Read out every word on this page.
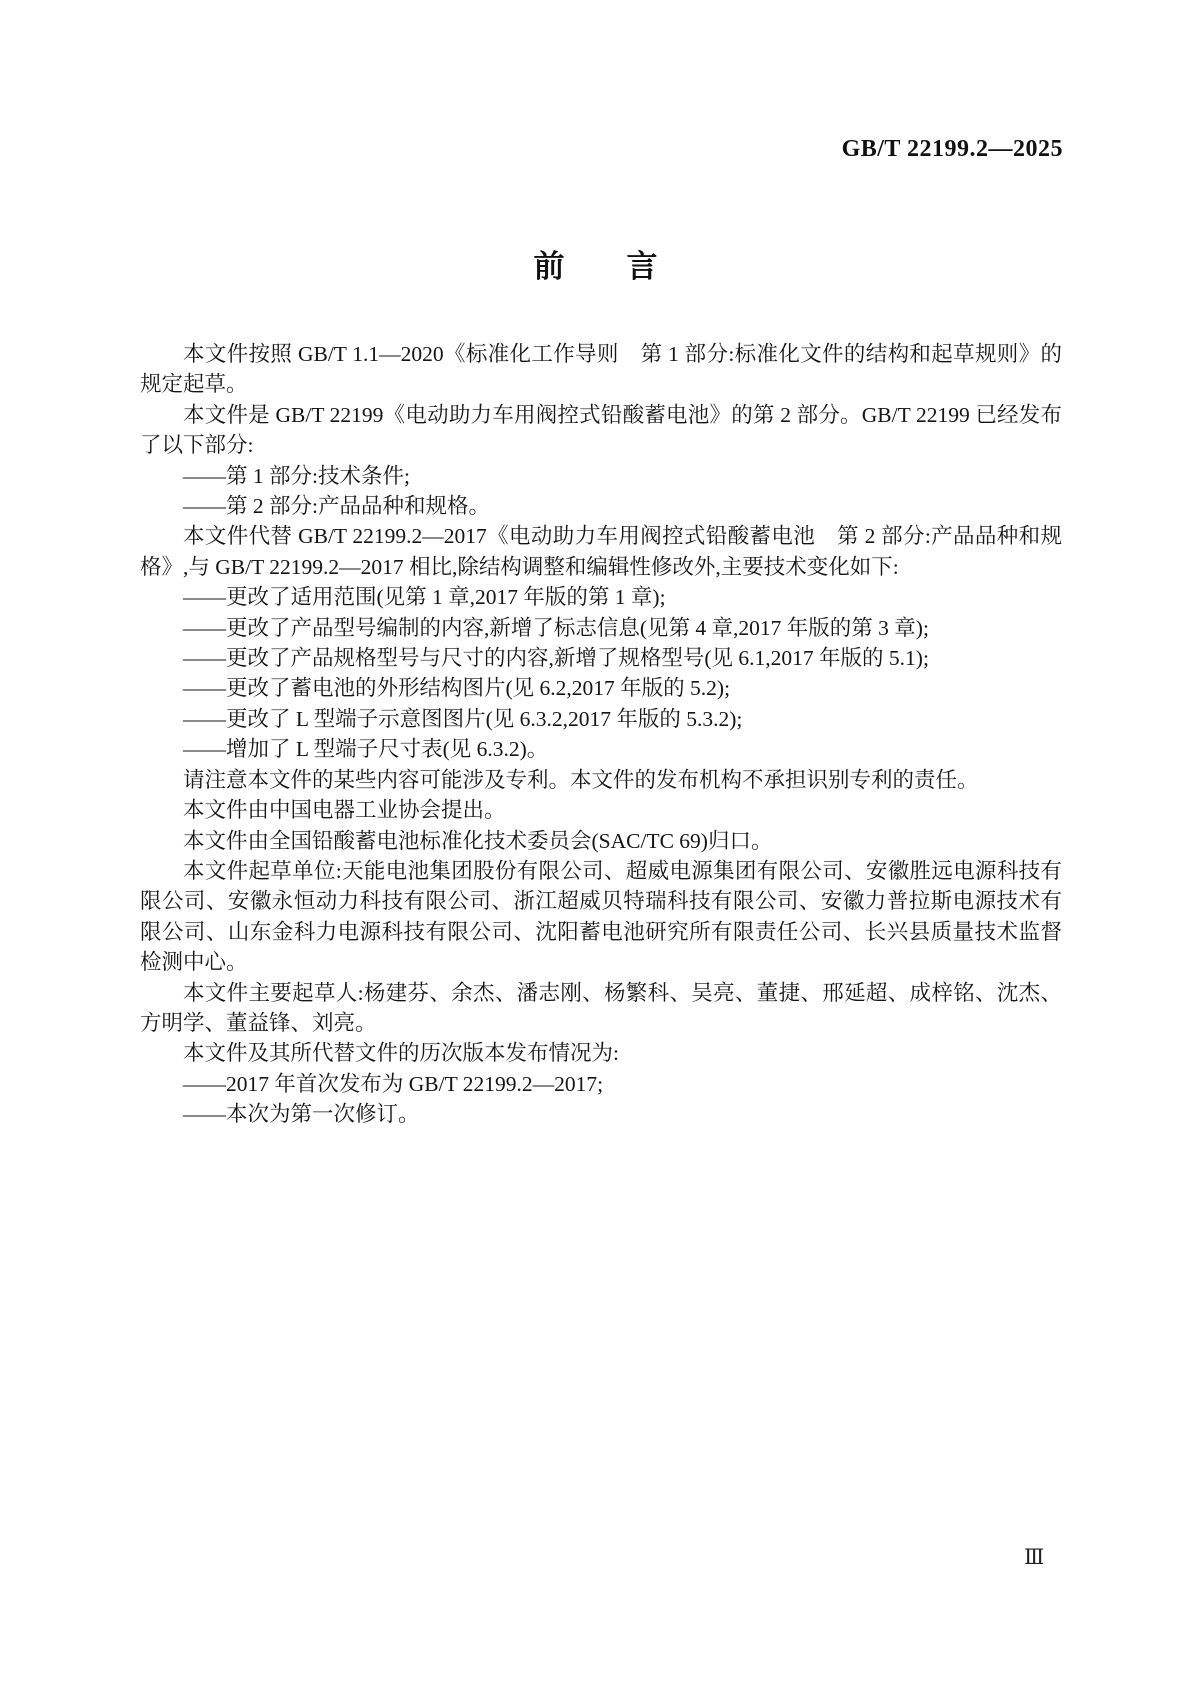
GB/T 22199.2—2025
前　　言

本文件按照 GB/T 1.1—2020《标准化工作导则　第 1 部分:标准化文件的结构和起草规则》的规定起草。

本文件是 GB/T 22199《电动助力车用阀控式铅酸蓄电池》的第 2 部分。GB/T 22199 已经发布了以下部分:

——第 1 部分:技术条件;

——第 2 部分:产品品种和规格。

本文件代替 GB/T 22199.2—2017《电动助力车用阀控式铅酸蓄电池　第 2 部分:产品品种和规格》,与 GB/T 22199.2—2017 相比,除结构调整和编辑性修改外,主要技术变化如下:

——更改了适用范围(见第 1 章,2017 年版的第 1 章);

——更改了产品型号编制的内容,新增了标志信息(见第 4 章,2017 年版的第 3 章);

——更改了产品规格型号与尺寸的内容,新增了规格型号(见 6.1,2017 年版的 5.1);

——更改了蓄电池的外形结构图片(见 6.2,2017 年版的 5.2);

——更改了 L 型端子示意图图片(见 6.3.2,2017 年版的 5.3.2);

——增加了 L 型端子尺寸表(见 6.3.2)。

请注意本文件的某些内容可能涉及专利。本文件的发布机构不承担识别专利的责任。

本文件由中国电器工业协会提出。

本文件由全国铅酸蓄电池标准化技术委员会(SAC/TC 69)归口。

本文件起草单位:天能电池集团股份有限公司、超威电源集团有限公司、安徽胜远电源科技有限公司、安徽永恒动力科技有限公司、浙江超威贝特瑞科技有限公司、安徽力普拉斯电源技术有限公司、山东金科力电源科技有限公司、沈阳蓄电池研究所有限责任公司、长兴县质量技术监督检测中心。

本文件主要起草人:杨建芬、余杰、潘志刚、杨繁科、吴亮、董捷、邢延超、成梓铭、沈杰、方明学、董益锋、刘亮。

本文件及其所代替文件的历次版本发布情况为:

——2017 年首次发布为 GB/T 22199.2—2017;

——本次为第一次修订。

Ⅲ
